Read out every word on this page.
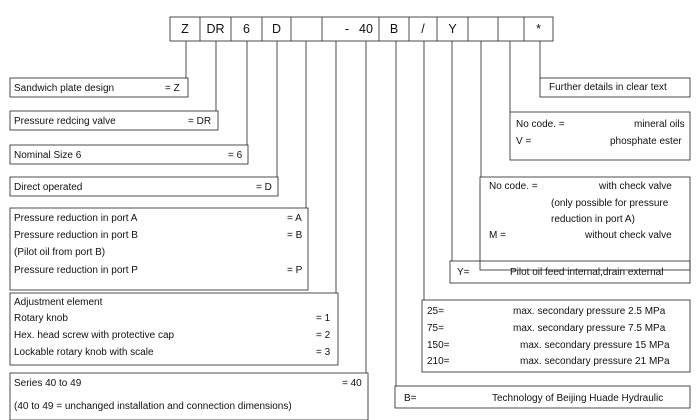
Z	DR	6	D	- 40	B	/	Y	*
Sandwich plate design	= Z
Pressure redcing valve	= DR
Nominal Size 6	= 6
Direct operated	= D
Pressure reduction in port A	= A
Pressure reduction in port B	= B
(Pilot oil from port B)
Pressure reduction in port P	= P
Adjustment element
Rotary knob	= 1
Hex. head screw with protective cap	= 2
Lockable rotary knob with scale	= 3
Series 40 to 49	= 40
(40 to 49 = unchanged installation and connection dimensions)
Further details in clear text
No code. =	mineral oils
V =	phosphate ester
No code. =	with check valve
(only possible for pressure
reduction in port A)
M =	without check valve
Y=	Pilot oil feed internal,drain external
25=	max. secondary pressure 2.5 MPa
75=	max. secondary pressure 7.5 MPa
150=	max. secondary pressure 15 MPa
210=	max. secondary pressure 21 MPa
B=	Technology of Beijing Huade Hydraulic
